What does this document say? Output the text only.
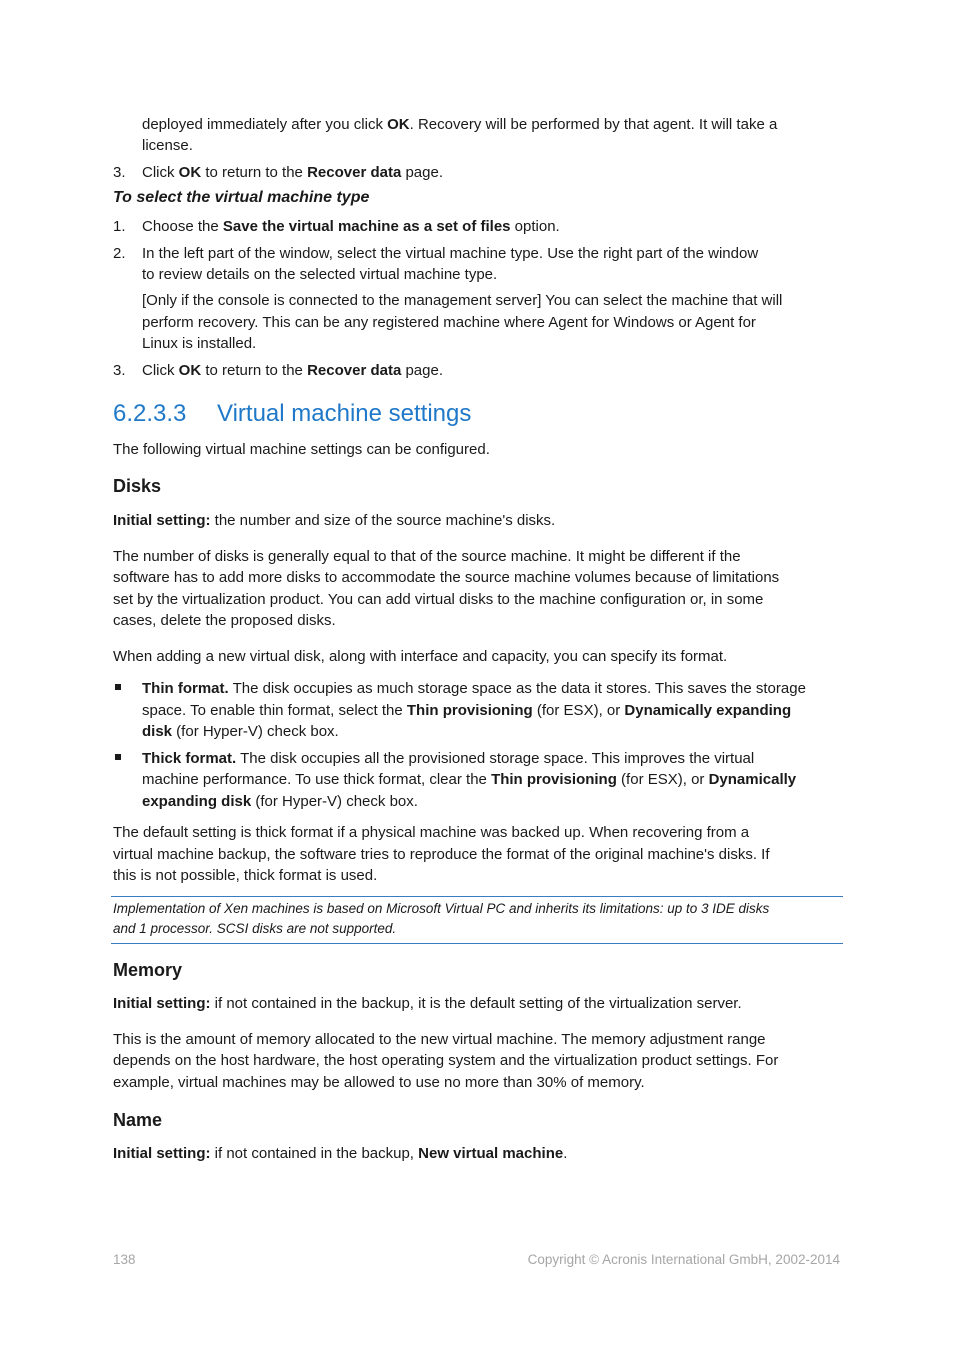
deployed immediately after you click OK. Recovery will be performed by that agent. It will take a

license.

3. Click OK to return to the Recover data page.

To select the virtual machine type

1. Choose the Save the virtual machine as a set of files option.

2. In the left part of the window, select the virtual machine type. Use the right part of the window

to review details on the selected virtual machine type.

[Only if the console is connected to the management server] You can select the machine that will

perform recovery. This can be any registered machine where Agent for Windows or Agent for

Linux is installed.

3. Click OK to return to the Recover data page.

6.2.3.3 Virtual machine settings

The following virtual machine settings can be configured.

Disks

Initial setting: the number and size of the source machine's disks.

The number of disks is generally equal to that of the source machine. It might be different if the

software has to add more disks to accommodate the source machine volumes because of limitations

set by the virtualization product. You can add virtual disks to the machine configuration or, in some

cases, delete the proposed disks.

When adding a new virtual disk, along with interface and capacity, you can specify its format.

Thin format. The disk occupies as much storage space as the data it stores. This saves the storage

space. To enable thin format, select the Thin provisioning (for ESX), or Dynamically expanding

disk (for Hyper-V) check box.

Thick format. The disk occupies all the provisioned storage space. This improves the virtual

machine performance. To use thick format, clear the Thin provisioning (for ESX), or Dynamically

expanding disk (for Hyper-V) check box.

The default setting is thick format if a physical machine was backed up. When recovering from a

virtual machine backup, the software tries to reproduce the format of the original machine's disks. If

this is not possible, thick format is used.

Implementation of Xen machines is based on Microsoft Virtual PC and inherits its limitations: up to 3 IDE disks

and 1 processor. SCSI disks are not supported.

Memory

Initial setting: if not contained in the backup, it is the default setting of the virtualization server.

This is the amount of memory allocated to the new virtual machine. The memory adjustment range

depends on the host hardware, the host operating system and the virtualization product settings. For

example, virtual machines may be allowed to use no more than 30% of memory.

Name

Initial setting: if not contained in the backup, New virtual machine.

138	Copyright © Acronis International GmbH, 2002-2014
